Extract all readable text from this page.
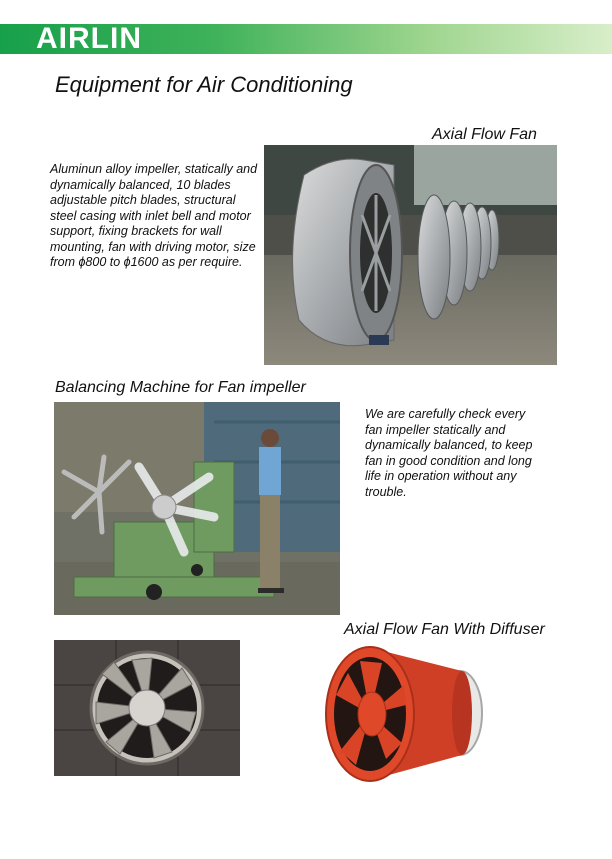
AIRLIN
Equipment for Air Conditioning
Axial Flow Fan
Aluminun alloy impeller, statically and dynamically balanced, 10 blades adjustable pitch blades, structural steel casing with inlet bell and motor support, fixing brackets for wall mounting, fan with driving motor, size from ϕ800 to ϕ1600 as per require.
Balancing Machine for Fan impeller
We are carefully check every fan impeller statically and dynamically balanced, to keep fan in good condition and long life in operation without any trouble.
Axial Flow Fan With Diffuser
